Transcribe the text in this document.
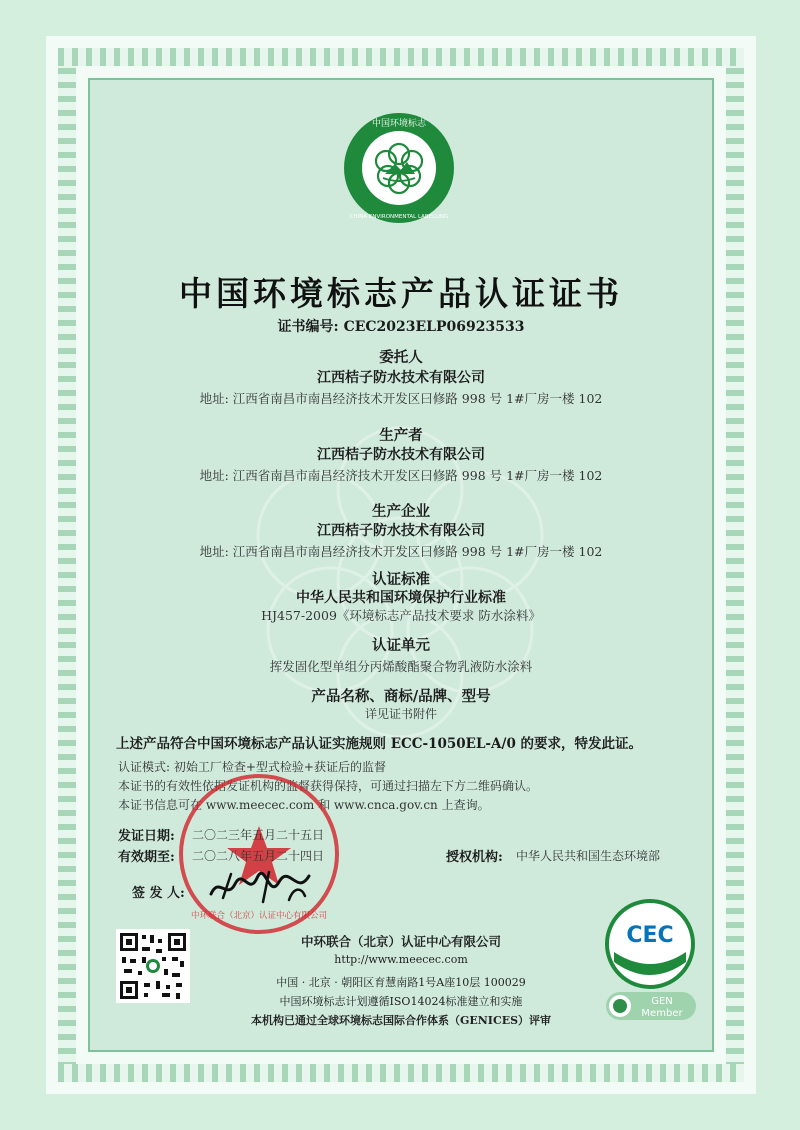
中国环境标志
CHINA ENVIRONMENTAL LABELLING
中国环境标志产品认证证书
证书编号: CEC2023ELP06923533
委托人
江西桔子防水技术有限公司
地址: 江西省南昌市南昌经济技术开发区曰修路 998 号 1#厂房一楼 102
生产者
江西桔子防水技术有限公司
地址: 江西省南昌市南昌经济技术开发区曰修路 998 号 1#厂房一楼 102
生产企业
江西桔子防水技术有限公司
地址: 江西省南昌市南昌经济技术开发区曰修路 998 号 1#厂房一楼 102
认证标准
中华人民共和国环境保护行业标准
HJ457-2009《环境标志产品技术要求 防水涂料》
认证单元
挥发固化型单组分丙烯酸酯聚合物乳液防水涂料
产品名称、商标/品牌、型号
详见证书附件
上述产品符合中国环境标志产品认证实施规则 ECC-1050EL-A/0 的要求，特发此证。
认证模式: 初始工厂检查+型式检验+获证后的监督
本证书的有效性依据发证机构的监督获得保持，可通过扫描左下方二维码确认。
本证书信息可在 www.meecec.com 和 www.cnca.gov.cn 上查询。
中环联合（北京）认证中心有限公司
发证日期: 二〇二三年五月二十五日
有效期至: 二〇二八年五月二十四日	授权机构: 中华人民共和国生态环境部
签 发 人:
中环联合（北京）认证中心有限公司
http://www.meecec.com
中国 · 北京 · 朝阳区育慧南路1号A座10层 100029
中国环境标志计划遵循ISO14024标准建立和实施
本机构已通过全球环境标志国际合作体系（GENICES）评审
CEC
GEN
Member
